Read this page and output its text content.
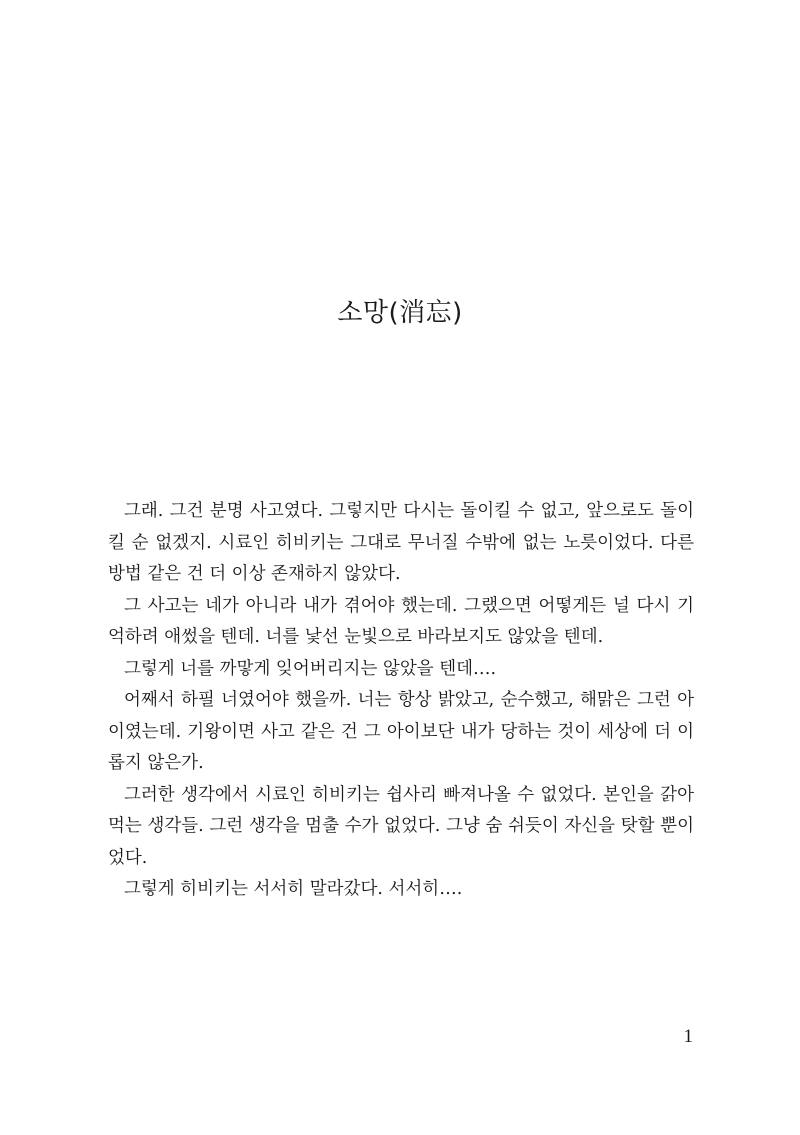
소망(消忘)

그래. 그건 분명 사고였다. 그렇지만 다시는 돌이킬 수 없고, 앞으로도 돌이킬 순 없겠지. 시료인 히비키는 그대로 무너질 수밖에 없는 노릇이었다. 다른 방법 같은 건 더 이상 존재하지 않았다.

그 사고는 네가 아니라 내가 겪어야 했는데. 그랬으면 어떻게든 널 다시 기억하려 애썼을 텐데. 너를 낯선 눈빛으로 바라보지도 않았을 텐데.

그렇게 너를 까맣게 잊어버리지는 않았을 텐데….

어째서 하필 너였어야 했을까. 너는 항상 밝았고, 순수했고, 해맑은 그런 아이였는데. 기왕이면 사고 같은 건 그 아이보단 내가 당하는 것이 세상에 더 이롭지 않은가.

그러한 생각에서 시료인 히비키는 쉽사리 빠져나올 수 없었다. 본인을 갉아먹는 생각들. 그런 생각을 멈출 수가 없었다. 그냥 숨 쉬듯이 자신을 탓할 뿐이었다.

그렇게 히비키는 서서히 말라갔다. 서서히….

1
